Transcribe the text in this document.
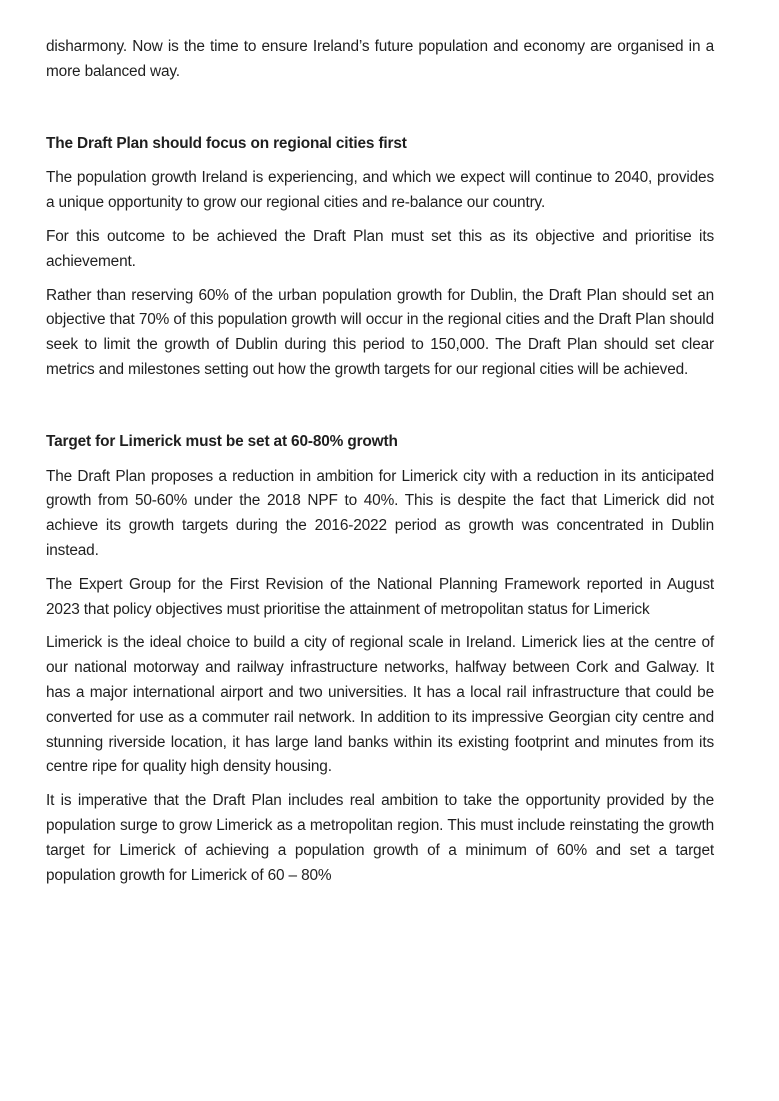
disharmony. Now is the time to ensure Ireland’s future population and economy are organised in a more balanced way.

The Draft Plan should focus on regional cities first

The population growth Ireland is experiencing, and which we expect will continue to 2040, provides a unique opportunity to grow our regional cities and re-balance our country.

For this outcome to be achieved the Draft Plan must set this as its objective and prioritise its achievement.

Rather than reserving 60% of the urban population growth for Dublin, the Draft Plan should set an objective that 70% of this population growth will occur in the regional cities and the Draft Plan should seek to limit the growth of Dublin during this period to 150,000. The Draft Plan should set clear metrics and milestones setting out how the growth targets for our regional cities will be achieved.

Target for Limerick must be set at 60-80% growth

The Draft Plan proposes a reduction in ambition for Limerick city with a reduction in its anticipated growth from 50-60% under the 2018 NPF to 40%. This is despite the fact that Limerick did not achieve its growth targets during the 2016-2022 period as growth was concentrated in Dublin instead.

The Expert Group for the First Revision of the National Planning Framework reported in August 2023 that policy objectives must prioritise the attainment of metropolitan status for Limerick

Limerick is the ideal choice to build a city of regional scale in Ireland. Limerick lies at the centre of our national motorway and railway infrastructure networks, halfway between Cork and Galway. It has a major international airport and two universities. It has a local rail infrastructure that could be converted for use as a commuter rail network. In addition to its impressive Georgian city centre and stunning riverside location, it has large land banks within its existing footprint and minutes from its centre ripe for quality high density housing.

It is imperative that the Draft Plan includes real ambition to take the opportunity provided by the population surge to grow Limerick as a metropolitan region. This must include reinstating the growth target for Limerick of achieving a population growth of a minimum of 60% and set a target population growth for Limerick of 60 – 80%
